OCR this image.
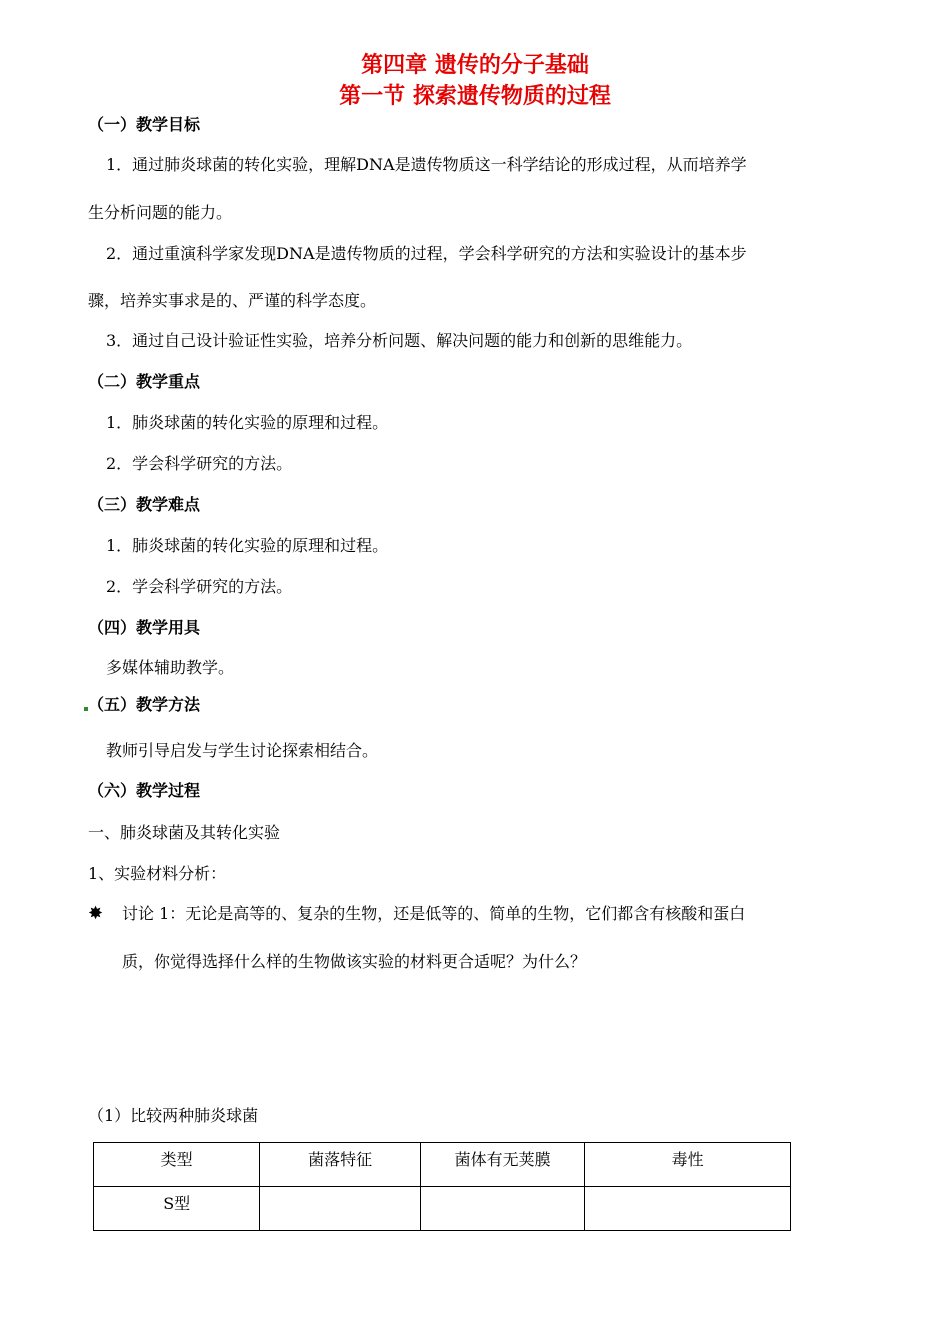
第四章 遗传的分子基础
第一节 探索遗传物质的过程
（一）教学目标
1．通过肺炎球菌的转化实验，理解DNA是遗传物质这一科学结论的形成过程，从而培养学
生分析问题的能力。
2．通过重演科学家发现DNA是遗传物质的过程，学会科学研究的方法和实验设计的基本步
骤，培养实事求是的、严谨的科学态度。
3．通过自己设计验证性实验，培养分析问题、解决问题的能力和创新的思维能力。
（二）教学重点
1．肺炎球菌的转化实验的原理和过程。
2．学会科学研究的方法。
（三）教学难点
1．肺炎球菌的转化实验的原理和过程。
2．学会科学研究的方法。
（四）教学用具
多媒体辅助教学。
（五）教学方法
教师引导启发与学生讨论探索相结合。
（六）教学过程
一、肺炎球菌及其转化实验
1、实验材料分析：
✸ 讨论 1：无论是高等的、复杂的生物，还是低等的、简单的生物，它们都含有核酸和蛋白
质，你觉得选择什么样的生物做该实验的材料更合适呢？为什么？
（1）比较两种肺炎球菌
类型	菌落特征	菌体有无荚膜	毒性
S型			
